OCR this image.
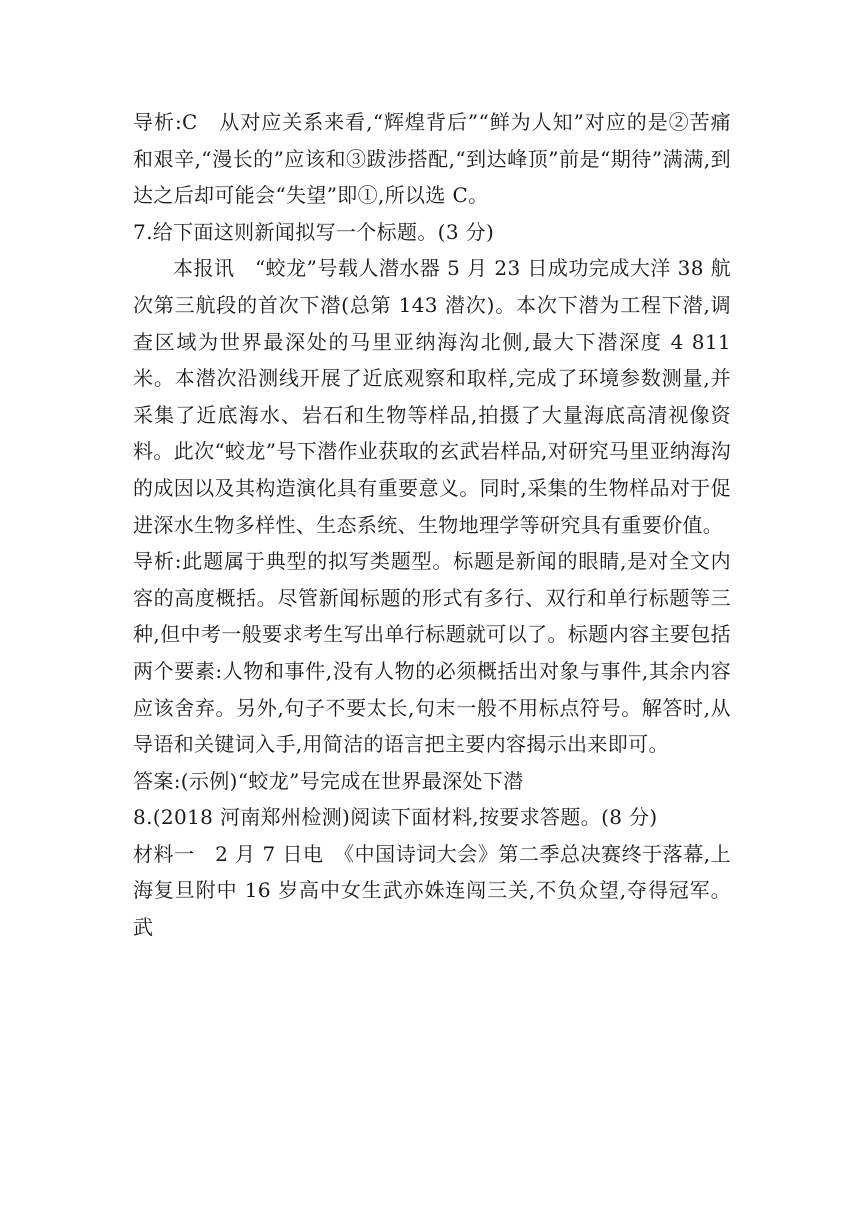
导析:C　从对应关系来看,“辉煌背后”“鲜为人知”对应的是②苦痛和艰辛,“漫长的”应该和③跋涉搭配,“到达峰顶”前是“期待”满满,到达之后却可能会“失望”即①,所以选 C。

7.给下面这则新闻拟写一个标题。(3 分)

本报讯　“蛟龙”号载人潜水器 5 月 23 日成功完成大洋 38 航次第三航段的首次下潜(总第 143 潜次)。本次下潜为工程下潜,调查区域为世界最深处的马里亚纳海沟北侧,最大下潜深度 4 811 米。本潜次沿测线开展了近底观察和取样,完成了环境参数测量,并采集了近底海水、岩石和生物等样品,拍摄了大量海底高清视像资料。此次“蛟龙”号下潜作业获取的玄武岩样品,对研究马里亚纳海沟的成因以及其构造演化具有重要意义。同时,采集的生物样品对于促进深水生物多样性、生态系统、生物地理学等研究具有重要价值。

导析:此题属于典型的拟写类题型。标题是新闻的眼睛,是对全文内容的高度概括。尽管新闻标题的形式有多行、双行和单行标题等三种,但中考一般要求考生写出单行标题就可以了。标题内容主要包括两个要素:人物和事件,没有人物的必须概括出对象与事件,其余内容应该舍弃。另外,句子不要太长,句末一般不用标点符号。解答时,从导语和关键词入手,用简洁的语言把主要内容揭示出来即可。

答案:(示例)“蛟龙”号完成在世界最深处下潜

8.(2018 河南郑州检测)阅读下面材料,按要求答题。(8 分)

材料一　2 月 7 日电　《中国诗词大会》第二季总决赛终于落幕,上海复旦附中 16 岁高中女生武亦姝连闯三关,不负众望,夺得冠军。武
